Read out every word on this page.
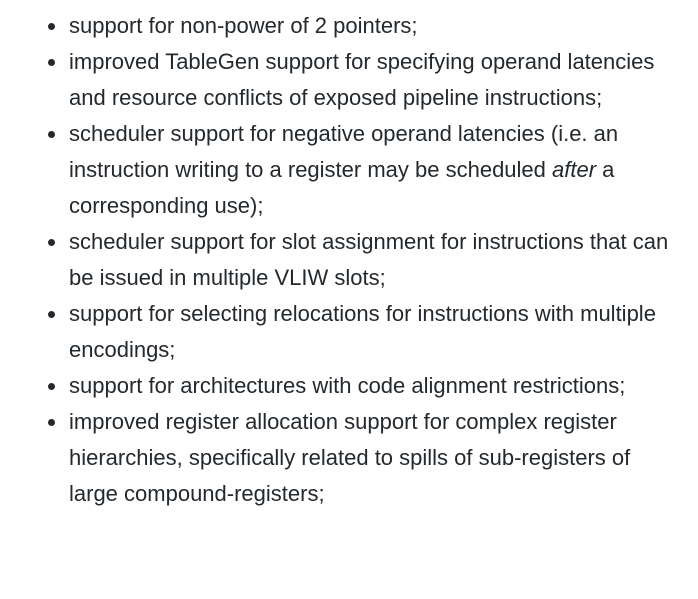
support for non-power of 2 pointers;
improved TableGen support for specifying operand latencies and resource conflicts of exposed pipeline instructions;
scheduler support for negative operand latencies (i.e. an instruction writing to a register may be scheduled after a corresponding use);
scheduler support for slot assignment for instructions that can be issued in multiple VLIW slots;
support for selecting relocations for instructions with multiple encodings;
support for architectures with code alignment restrictions;
improved register allocation support for complex register hierarchies, specifically related to spills of sub-registers of large compound-registers;
